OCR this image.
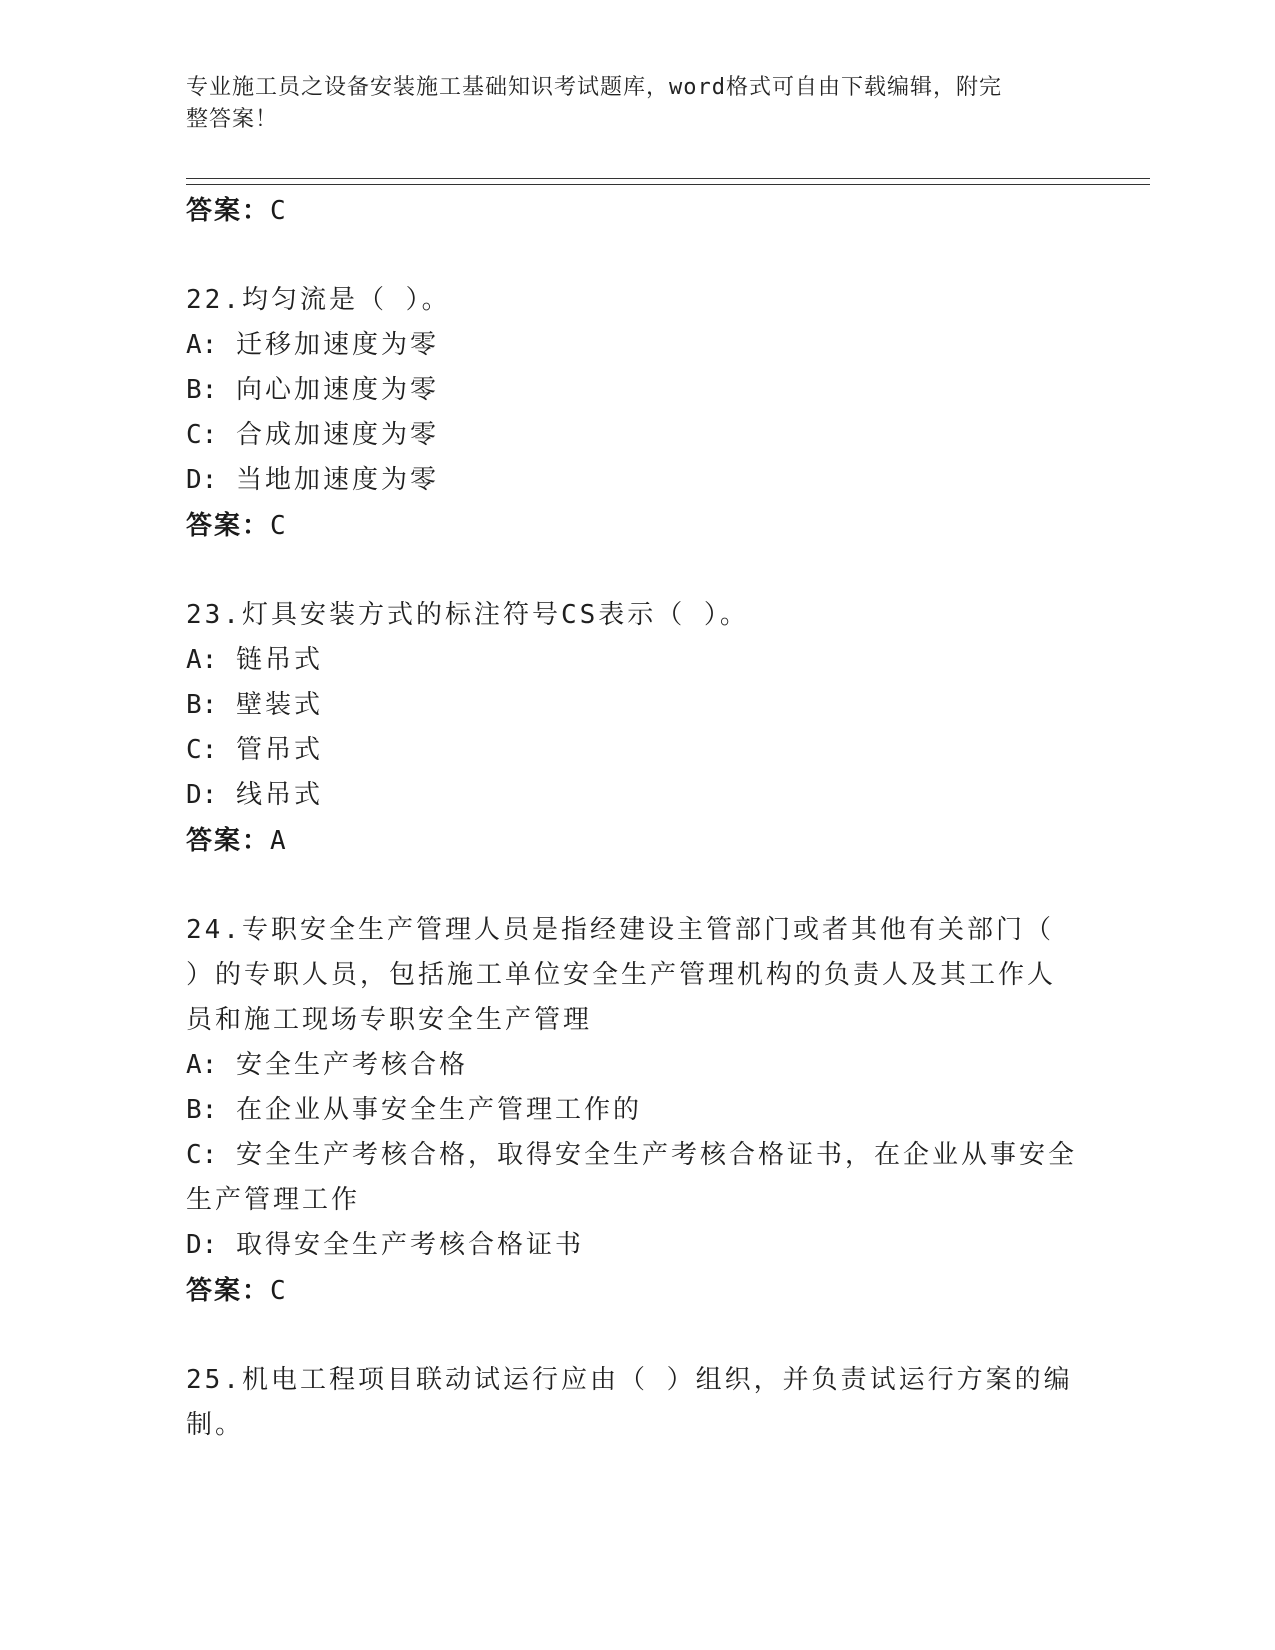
专业施工员之设备安装施工基础知识考试题库，word格式可自由下载编辑，附完
整答案！
答案：C
22.均匀流是（ ）。
A: 迁移加速度为零
B: 向心加速度为零
C: 合成加速度为零
D: 当地加速度为零
答案：C
23.灯具安装方式的标注符号CS表示（ ）。
A: 链吊式
B: 壁装式
C: 管吊式
D: 线吊式
答案：A
24.专职安全生产管理人员是指经建设主管部门或者其他有关部门（
）的专职人员，包括施工单位安全生产管理机构的负责人及其工作人
员和施工现场专职安全生产管理
A: 安全生产考核合格
B: 在企业从事安全生产管理工作的
C: 安全生产考核合格，取得安全生产考核合格证书，在企业从事安全
生产管理工作
D: 取得安全生产考核合格证书
答案：C
25.机电工程项目联动试运行应由（ ）组织，并负责试运行方案的编
制。
